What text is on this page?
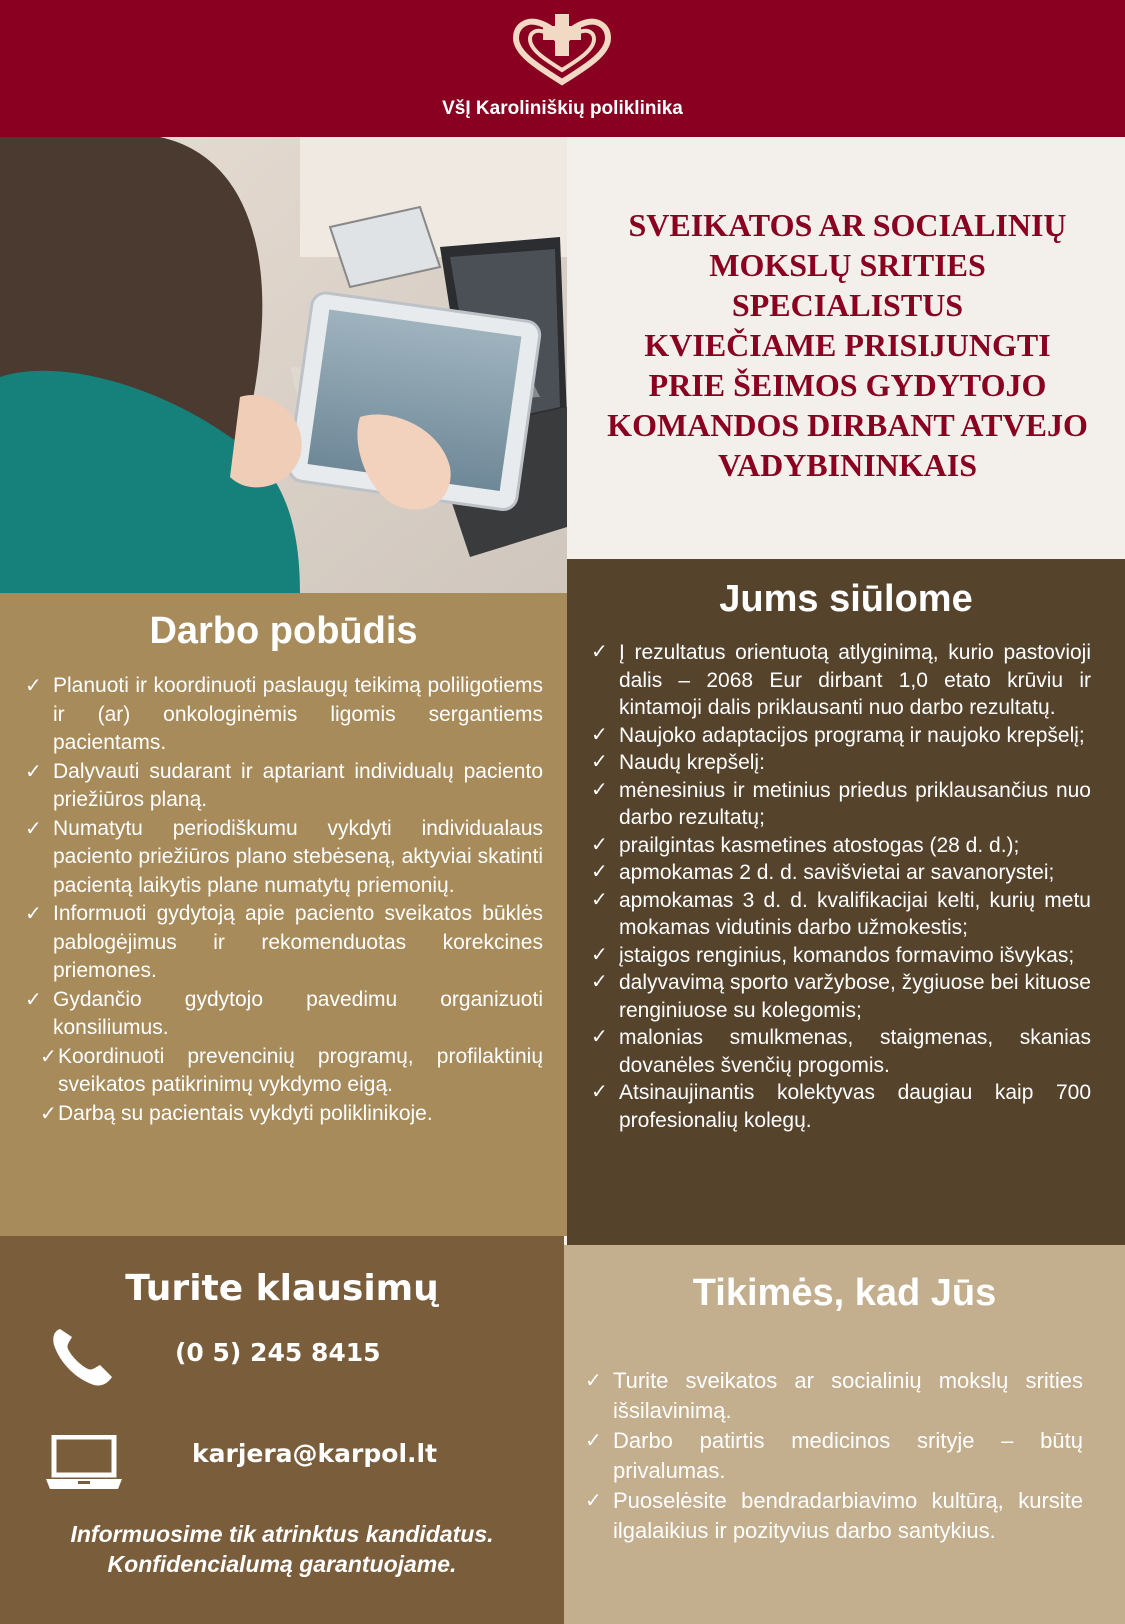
VšĮ Karoliniškių poliklinika
SVEIKATOS AR SOCIALINIŲ
MOKSLŲ SRITIES
SPECIALISTUS
KVIEČIAME PRISIJUNGTI
PRIE ŠEIMOS GYDYTOJO
KOMANDOS DIRBANT ATVEJO
VADYBININKAIS
Darbo pobūdis
✓ Planuoti ir koordinuoti paslaugų teikimą poliligotiems ir (ar) onkologinėmis ligomis sergantiems pacientams.
✓ Dalyvauti sudarant ir aptariant individualų paciento priežiūros planą.
✓ Numatytu periodiškumu vykdyti individualaus paciento priežiūros plano stebėseną, aktyviai skatinti pacientą laikytis plane numatytų priemonių.
✓ Informuoti gydytoją apie paciento sveikatos būklės pablogėjimus ir rekomenduotas korekcines priemones.
✓ Gydančio gydytojo pavedimu organizuoti konsiliumus.
✓ Koordinuoti prevencinių programų, profilaktinių sveikatos patikrinimų vykdymo eigą.
✓ Darbą su pacientais vykdyti poliklinikoje.
Jums siūlome
✓ Į rezultatus orientuotą atlyginimą, kurio pastovioji dalis – 2068 Eur dirbant 1,0 etato krūviu ir kintamoji dalis priklausanti nuo darbo rezultatų.
✓ Naujoko adaptacijos programą ir naujoko krepšelį;
✓ Naudų krepšelį:
✓ mėnesinius ir metinius priedus priklausančius nuo darbo rezultatų;
✓ prailgintas kasmetines atostogas (28 d. d.);
✓ apmokamas 2 d. d. savišvietai ar savanorystei;
✓ apmokamas 3 d. d. kvalifikacijai kelti, kurių metu mokamas vidutinis darbo užmokestis;
✓ įstaigos renginius, komandos formavimo išvykas;
✓ dalyvavimą sporto varžybose, žygiuose bei kituose renginiuose su kolegomis;
✓ malonias smulkmenas, staigmenas, skanias dovanėles švenčių progomis.
✓ Atsinaujinantis kolektyvas daugiau kaip 700 profesionalių kolegų.
Turite klausimų
(0 5) 245 8415
karjera@karpol.lt
Informuosime tik atrinktus kandidatus.
Konfidencialumą garantuojame.
Tikimės, kad Jūs
✓ Turite sveikatos ar socialinių mokslų srities išsilavinimą.
✓ Darbo patirtis medicinos srityje – būtų privalumas.
✓ Puoselėsite bendradarbiavimo kultūrą, kursite ilgalaikius ir pozityvius darbo santykius.
